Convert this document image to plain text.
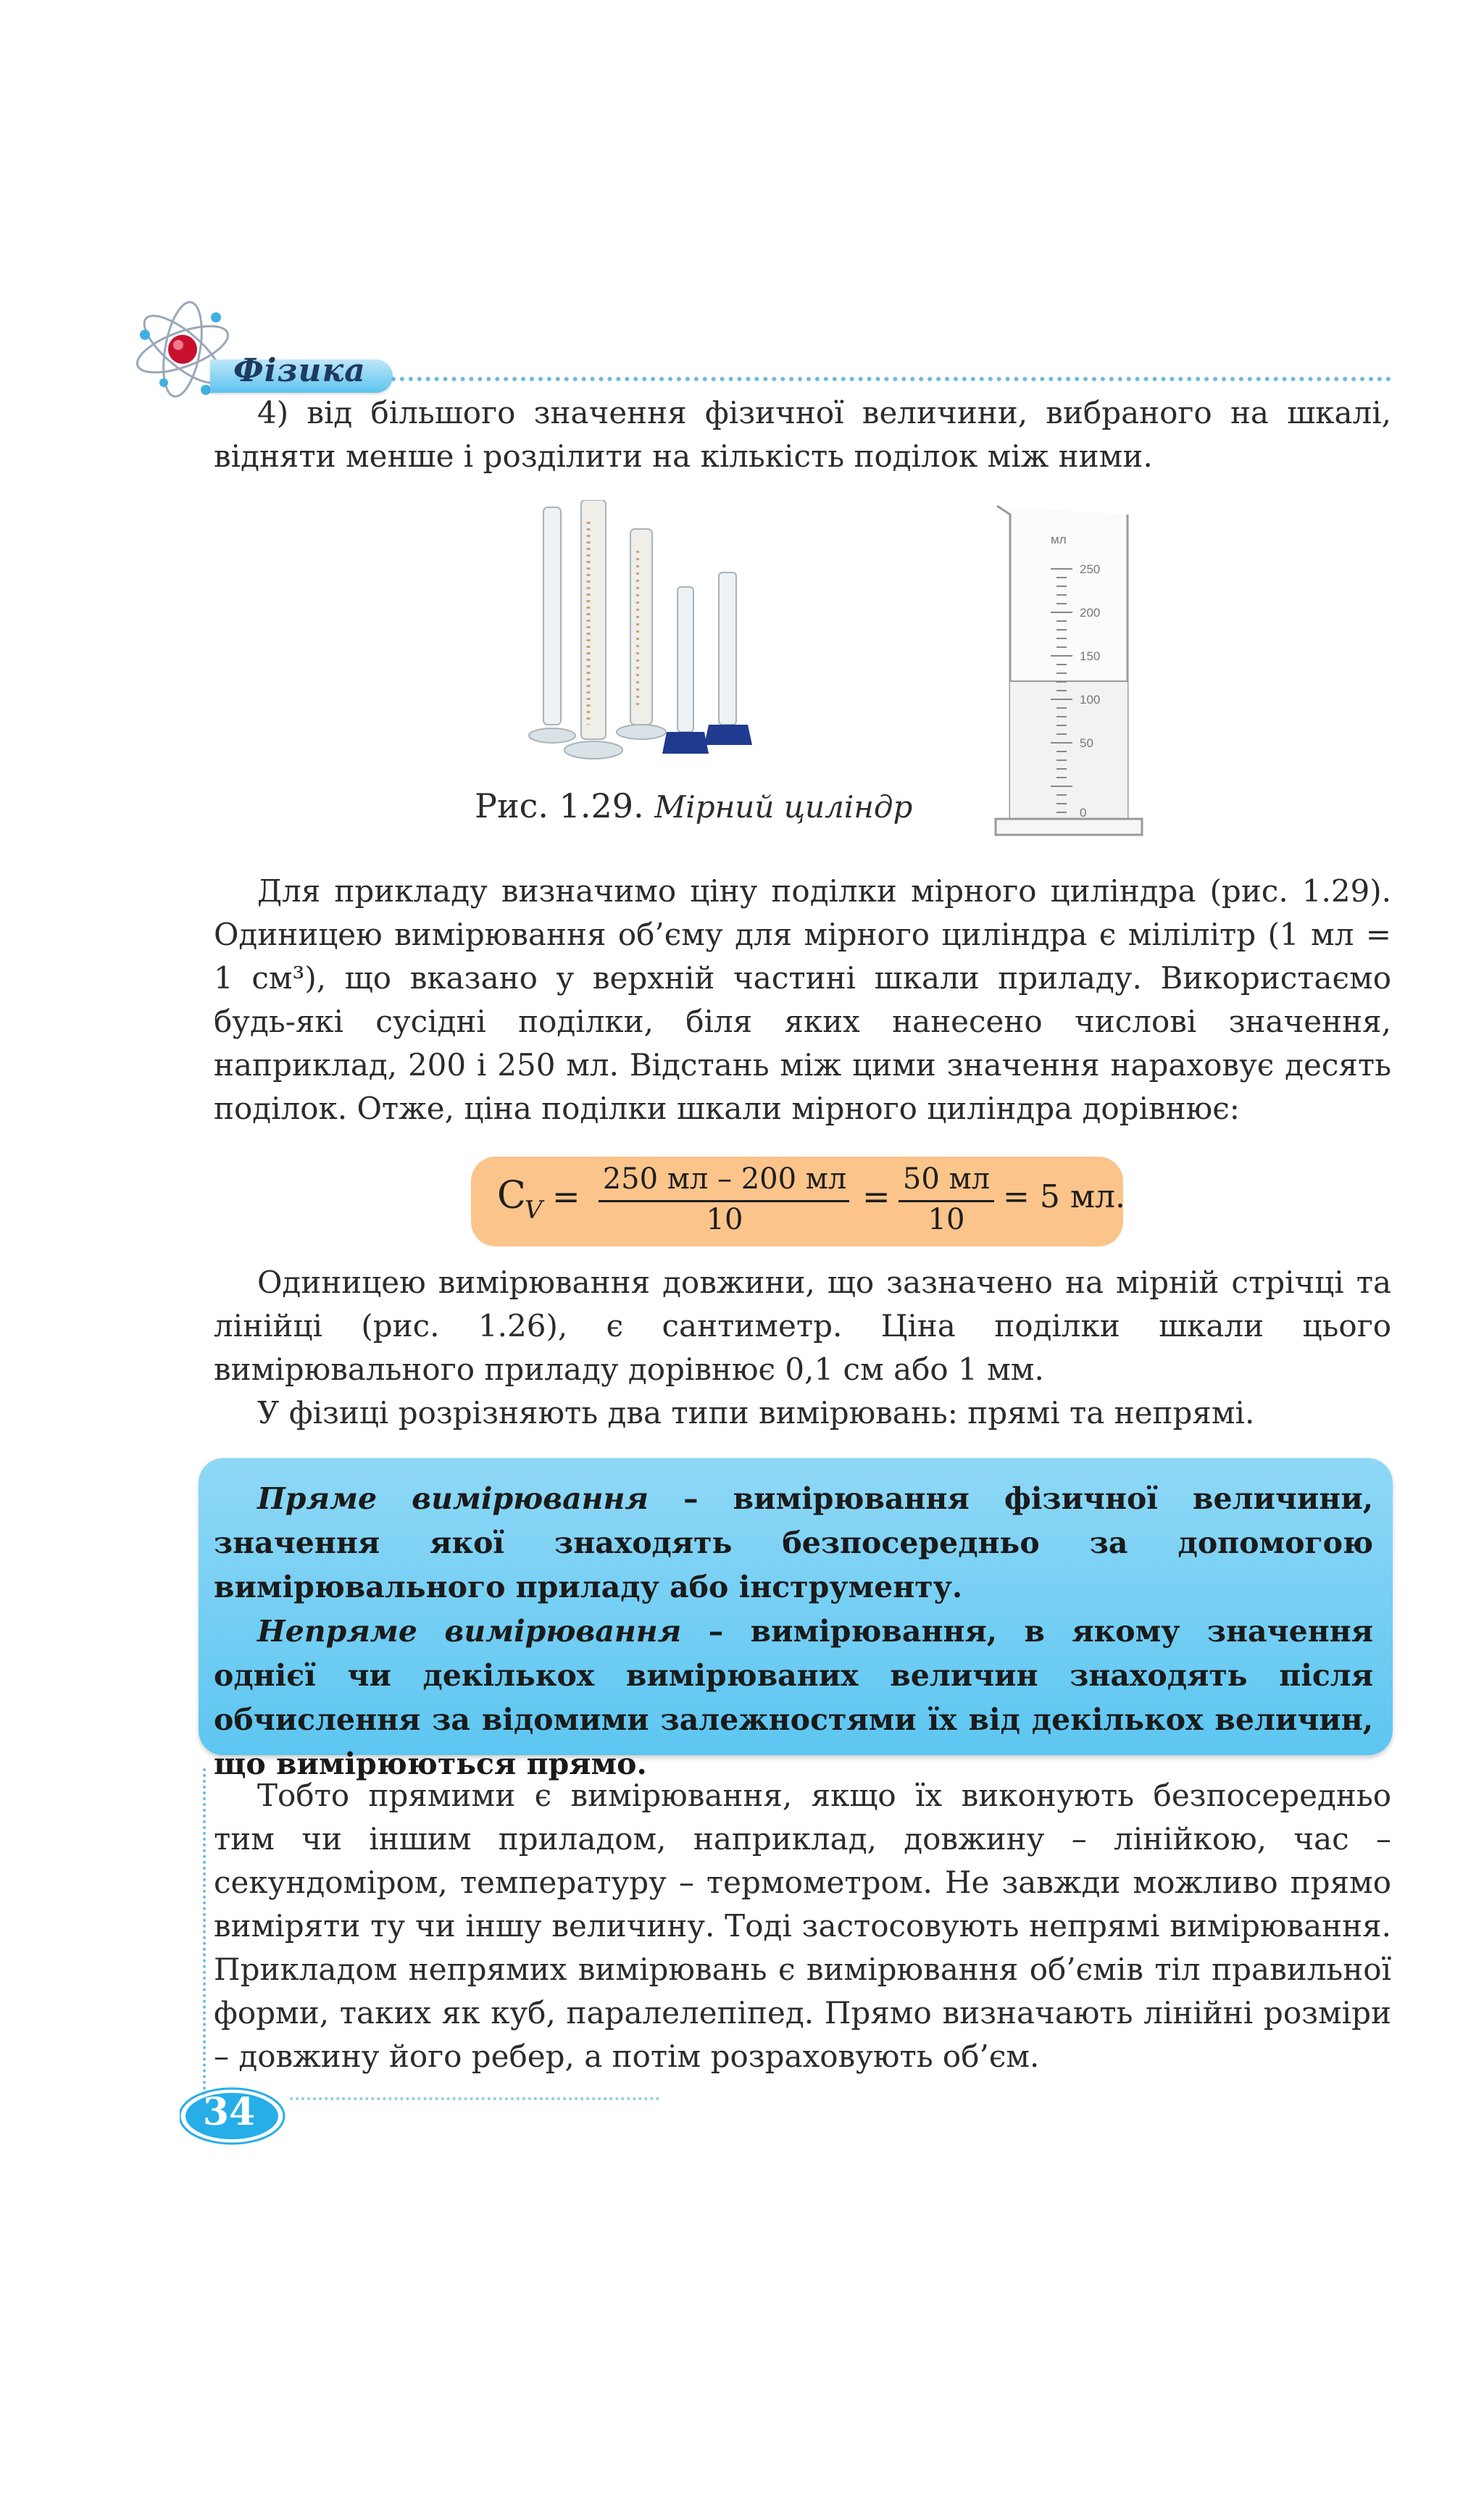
Фізика
4) від більшого значення фізичної величини, вибраного на шкалі, відняти менше і розділити на кількість поділок між ними.
мл
250
200
150
100
50
0
Рис. 1.29. Мірний циліндр
Для прикладу визначимо ціну поділки мірного циліндра (рис. 1.29). Одиницею вимірювання об’єму для мірного циліндра є мілілітр (1 мл = 1 см³), що вказано у верхній частині шкали приладу. Використаємо будь-які сусідні поділки, біля яких нанесено числові значення, наприклад, 200 і 250 мл. Відстань між цими значення нараховує десять поділок. Отже, ціна поділки шкали мірного циліндра дорівнює:
C
V = 250 мл – 200 мл
10
= 50 мл
10
= 5 мл.
Одиницею вимірювання довжини, що зазначено на мірній стрічці та лінійці (рис. 1.26), є сантиметр. Ціна поділки шкали цього вимірювального приладу дорівнює 0,1 см або 1 мм.
У фізиці розрізняють два типи вимірювань: прямі та непрямі.
Пряме вимірювання – вимірювання фізичної величини, значення якої знаходять безпосередньо за допомогою вимірювального приладу або інструменту.
Непряме вимірювання – вимірювання, в якому значення однієї чи декількох вимірюваних величин знаходять після обчислення за відомими залежностями їх від декількох величин, що вимірюються прямо.
Тобто прямими є вимірювання, якщо їх виконують безпосередньо тим чи іншим приладом, наприклад, довжину – лінійкою, час – секундоміром, температуру – термометром. Не завжди можливо прямо виміряти ту чи іншу величину. Тоді застосовують непрямі вимірювання. Прикладом непрямих вимірювань є вимірювання об’ємів тіл правильної форми, таких як куб, паралелепіпед. Прямо визначають лінійні розміри – довжину його ребер, а потім розраховують об’єм.
34
